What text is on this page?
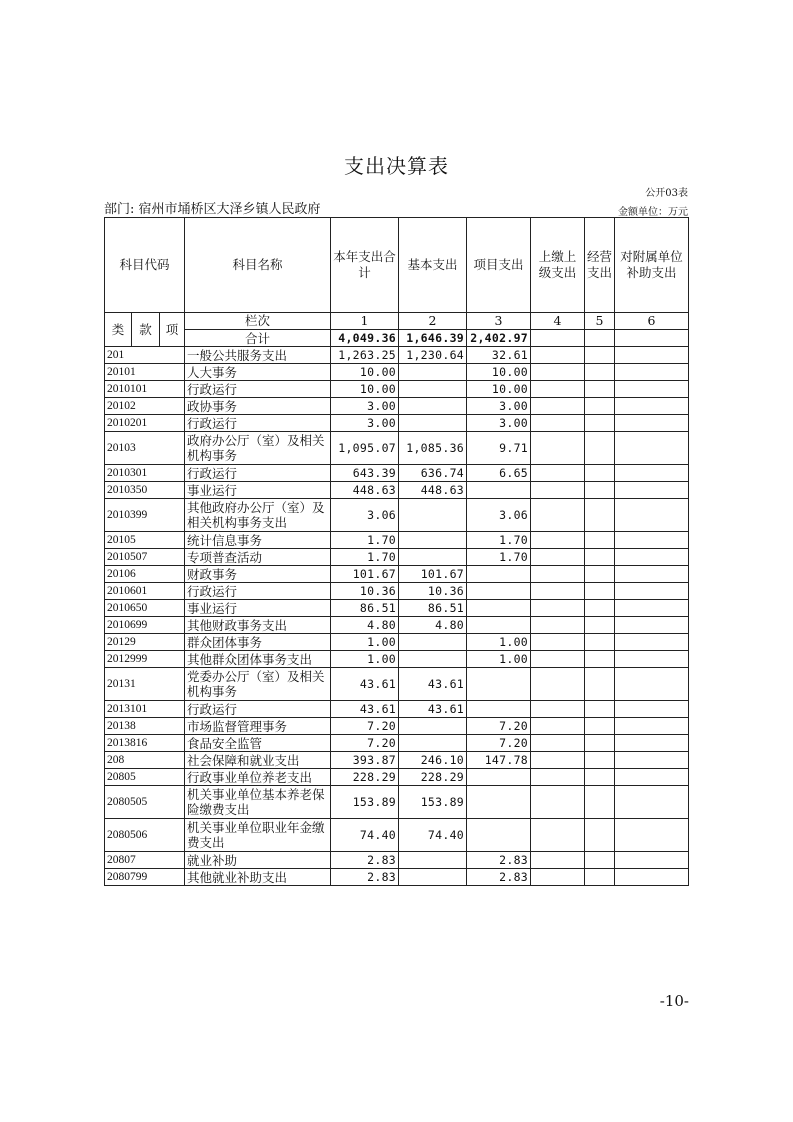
支出决算表
公开03表
部门: 宿州市埇桥区大泽乡镇人民政府	金额单位：万元
科目代码			科目名称	本年支出合计	基本支出	项目支出	上缴上级支出	经营支出	对附属单位补助支出
类	款	项	栏次	1	2	3	4	5	6
			合计	4,049.36	1,646.39	2,402.97			
201			一般公共服务支出	1,263.25	1,230.64	32.61			
20101			人大事务	10.00		10.00			
2010101			行政运行	10.00		10.00			
20102			政协事务	3.00		3.00			
2010201			行政运行	3.00		3.00			
20103			政府办公厅（室）及相关机构事务	1,095.07	1,085.36	9.71			
2010301			行政运行	643.39	636.74	6.65			
2010350			事业运行	448.63	448.63				
2010399			其他政府办公厅（室）及相关机构事务支出	3.06		3.06			
20105			统计信息事务	1.70		1.70			
2010507			专项普查活动	1.70		1.70			
20106			财政事务	101.67	101.67				
2010601			行政运行	10.36	10.36				
2010650			事业运行	86.51	86.51				
2010699			其他财政事务支出	4.80	4.80				
20129			群众团体事务	1.00		1.00			
2012999			其他群众团体事务支出	1.00		1.00			
20131			党委办公厅（室）及相关机构事务	43.61	43.61				
2013101			行政运行	43.61	43.61				
20138			市场监督管理事务	7.20		7.20			
2013816			食品安全监管	7.20		7.20			
208			社会保障和就业支出	393.87	246.10	147.78			
20805			行政事业单位养老支出	228.29	228.29				
2080505			机关事业单位基本养老保险缴费支出	153.89	153.89				
2080506			机关事业单位职业年金缴费支出	74.40	74.40				
20807			就业补助	2.83		2.83			
2080799			其他就业补助支出	2.83		2.83			
-10-
